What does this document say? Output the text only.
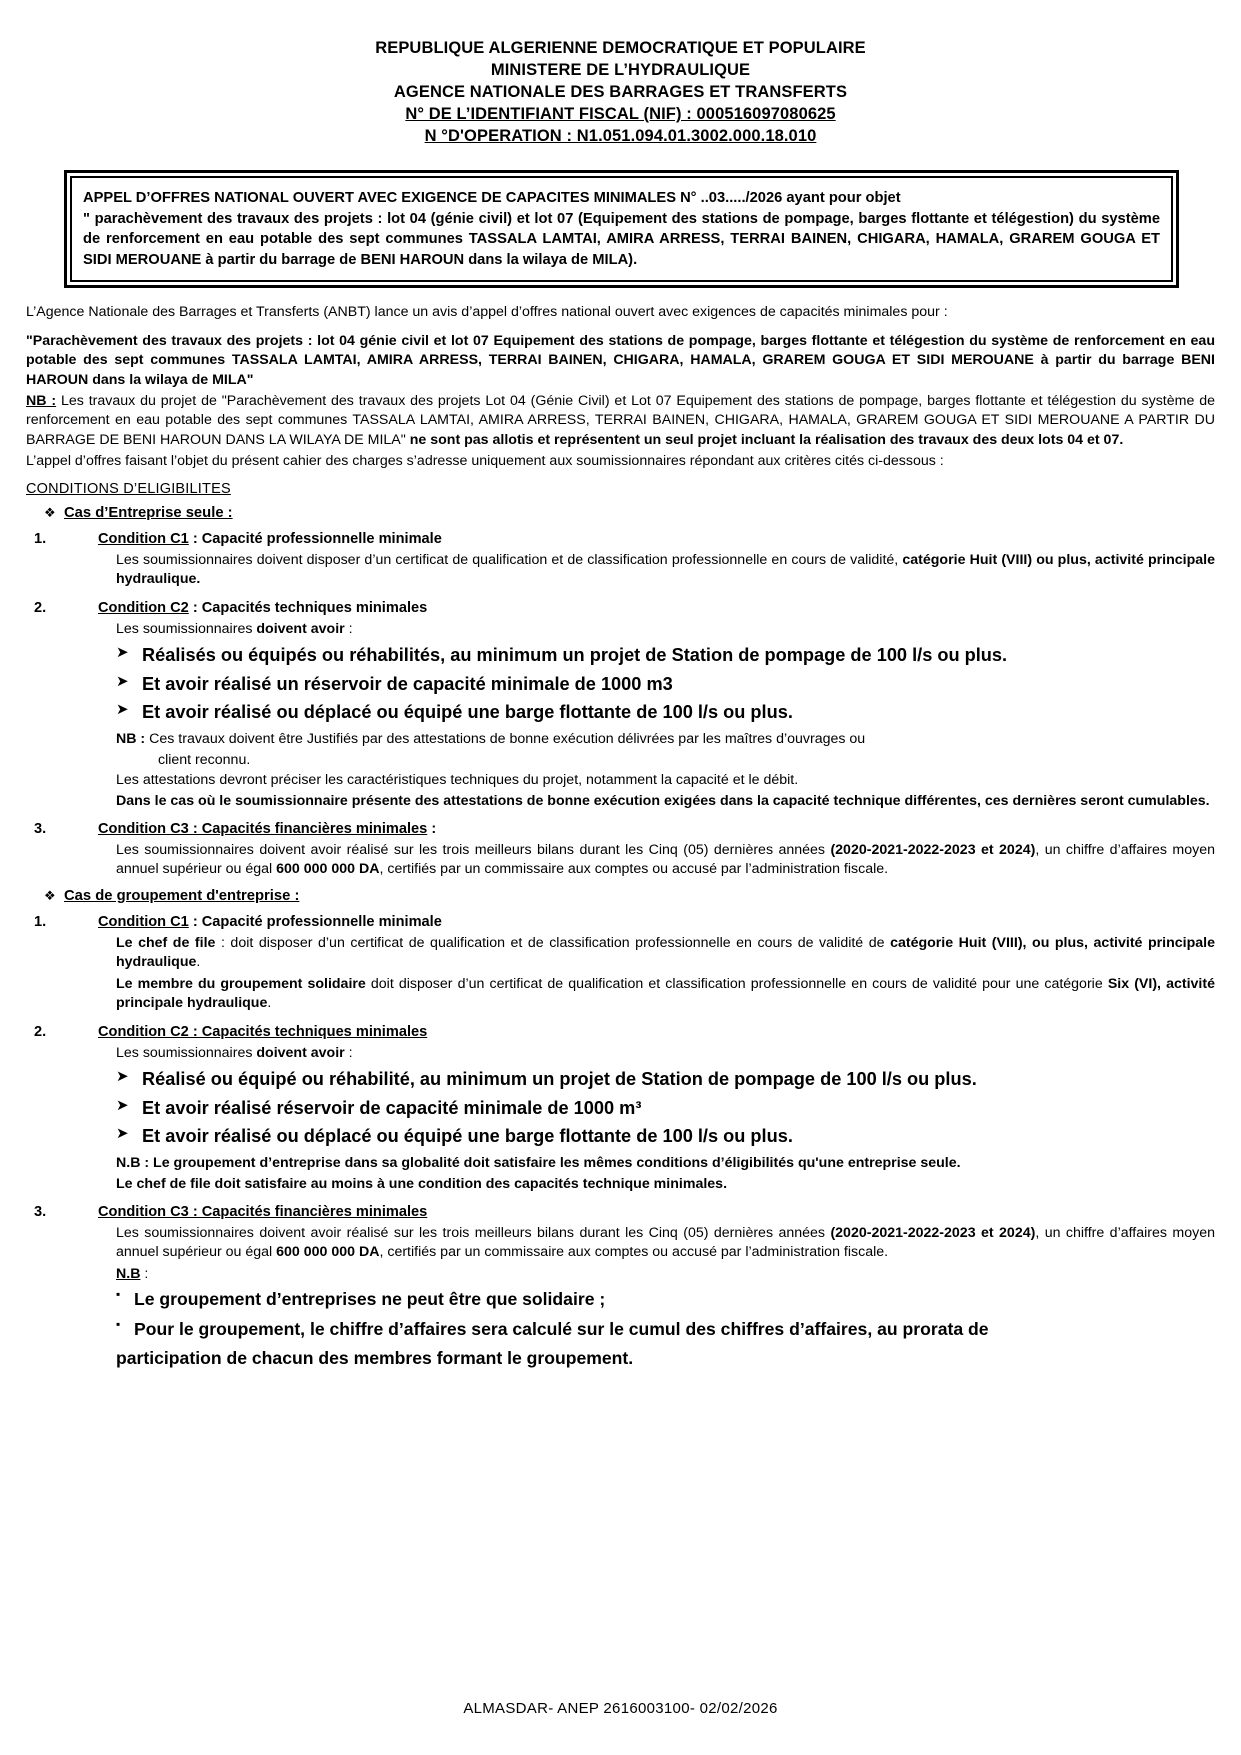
REPUBLIQUE ALGERIENNE DEMOCRATIQUE ET POPULAIRE
MINISTERE DE L’HYDRAULIQUE
AGENCE NATIONALE DES BARRAGES ET TRANSFERTS
N° DE L’IDENTIFIANT FISCAL (NIF) : 000516097080625
N °D'OPERATION : N1.051.094.01.3002.000.18.010

APPEL D’OFFRES NATIONAL OUVERT AVEC EXIGENCE DE CAPACITES MINIMALES N° ..03...../2026 ayant pour objet

" parachèvement des travaux des projets : lot 04 (génie civil) et lot 07 (Equipement des stations de pompage, barges flottante et télégestion) du système de renforcement en eau potable des sept communes TASSALA LAMTAI, AMIRA ARRESS, TERRAI BAINEN, CHIGARA, HAMALA, GRAREM GOUGA ET SIDI MEROUANE à partir du barrage de BENI HAROUN dans la wilaya de MILA).

L’Agence Nationale des Barrages et Transferts (ANBT) lance un avis d’appel d’offres national ouvert avec exigences de capacités minimales pour :

"Parachèvement des travaux des projets : lot 04 génie civil et lot 07 Equipement des stations de pompage, barges flottante et télégestion du système de renforcement en eau potable des sept communes TASSALA LAMTAI, AMIRA ARRESS, TERRAI BAINEN, CHIGARA, HAMALA, GRAREM GOUGA ET SIDI MEROUANE à partir du barrage BENI HAROUN dans la wilaya de MILA"

NB : Les travaux du projet de "Parachèvement des travaux des projets Lot 04 (Génie Civil) et Lot 07 Equipement des stations de pompage, barges flottante et télégestion du système de renforcement en eau potable des sept communes TASSALA LAMTAI, AMIRA ARRESS, TERRAI BAINEN, CHIGARA, HAMALA, GRAREM GOUGA ET SIDI MEROUANE A PARTIR DU BARRAGE DE BENI HAROUN DANS LA WILAYA DE MILA" ne sont pas allotis et représentent un seul projet incluant la réalisation des travaux des deux lots 04 et 07.

L’appel d’offres faisant l’objet du présent cahier des charges s’adresse uniquement aux soumissionnaires répondant aux critères cités ci-dessous :

CONDITIONS D’ELIGIBILITES
❖ Cas d’Entreprise seule :
1.	Condition C1 : Capacité professionnelle minimale

Les soumissionnaires doivent disposer d’un certificat de qualification et de classification professionnelle en cours de validité, catégorie Huit (VIII) ou plus, activité principale hydraulique.

2.	Condition C2 : Capacités techniques minimales

Les soumissionnaires doivent avoir :

➤ Réalisés ou équipés ou réhabilités, au minimum un projet de Station de pompage de 100 l/s ou plus.
➤ Et avoir réalisé un réservoir de capacité minimale de 1000 m3
➤ Et avoir réalisé ou déplacé ou équipé une barge flottante de 100 l/s ou plus.

NB : Ces travaux doivent être Justifiés par des attestations de bonne exécution délivrées par les maîtres d’ouvrages ou

client reconnu.

Les attestations devront préciser les caractéristiques techniques du projet, notamment la capacité et le débit.

Dans le cas où le soumissionnaire présente des attestations de bonne exécution exigées dans la capacité technique différentes, ces dernières seront cumulables.

3.	Condition C3 : Capacités financières minimales :

Les soumissionnaires doivent avoir réalisé sur les trois meilleurs bilans durant les Cinq (05) dernières années (2020-2021-2022-2023 et 2024), un chiffre d’affaires moyen annuel supérieur ou égal 600 000 000 DA, certifiés par un commissaire aux comptes ou accusé par l’administration fiscale.

❖ Cas de groupement d'entreprise :
1.	Condition C1 : Capacité professionnelle minimale

Le chef de file : doit disposer d’un certificat de qualification et de classification professionnelle en cours de validité de catégorie Huit (VIII), ou plus, activité principale hydraulique.

Le membre du groupement solidaire doit disposer d’un certificat de qualification et classification professionnelle en cours de validité pour une catégorie Six (VI), activité principale hydraulique.

2.	Condition C2 : Capacités techniques minimales

Les soumissionnaires doivent avoir :

➤ Réalisé ou équipé ou réhabilité, au minimum un projet de Station de pompage de 100 l/s ou plus.
➤ Et avoir réalisé réservoir de capacité minimale de 1000 m³
➤ Et avoir réalisé ou déplacé ou équipé une barge flottante de 100 l/s ou plus.

N.B : Le groupement d’entreprise dans sa globalité doit satisfaire les mêmes conditions d’éligibilités qu'une entreprise seule.

Le chef de file doit satisfaire au moins à une condition des capacités technique minimales.

3.	Condition C3 : Capacités financières minimales

Les soumissionnaires doivent avoir réalisé sur les trois meilleurs bilans durant les Cinq (05) dernières années (2020-2021-2022-2023 et 2024), un chiffre d’affaires moyen annuel supérieur ou égal 600 000 000 DA, certifiés par un commissaire aux comptes ou accusé par l’administration fiscale.

N.B :

▪ Le groupement d’entreprises ne peut être que solidaire ;
▪ Pour le groupement, le chiffre d’affaires sera calculé sur le cumul des chiffres d’affaires, au prorata de
participation de chacun des membres formant le groupement.
ALMASDAR- ANEP 2616003100- 02/02/2026
